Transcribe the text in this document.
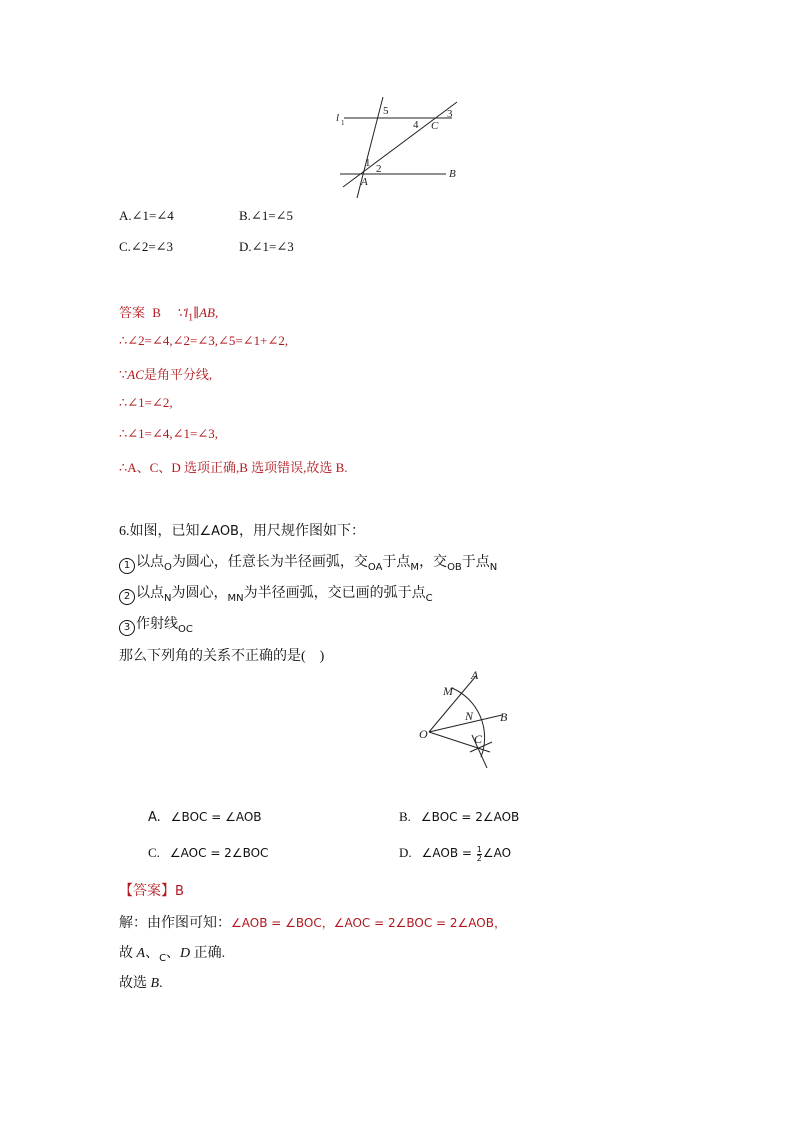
l 1
5	3
4 C
1 2
A
B
A.∠1=∠4	B.∠1=∠5
C.∠2=∠3	D.∠1=∠3
答案 B $\because l_1\parallel AB$,
∴∠2=∠4,∠2=∠3,∠5=∠1+∠2,
∵AC是角平分线,
∴∠1=∠2,
∴∠1=∠4,∠1=∠3,
∴A、C、D 选项正确,B 选项错误,故选 B.
6.如图，已知∠AOB，用尺规作图如下：
1 以点$_O$为圆心，任意长为半径画弧，交$_{OA}$于点$_M$，交$_{OB}$于点$_N$
2 以点$_N$为圆心，$_{MN}$为半径画弧，交已画的弧于点$_C$
3 作射线$_{OC}$
那么下列角的关系不正确的是(　)
A
M
N B
O	C
A. ∠BOC = ∠AOB	B. ∠BOC = 2∠AOB
C. ∠AOC = 2∠BOC	D. ∠AOB = $\frac{1}{2}$ ∠AO
【答案】B
解：由作图可知：∠AOB = ∠BOC，∠AOC = 2∠BOC = 2∠AOB，
故 A、$_C$、D 正确.
故选 B.
